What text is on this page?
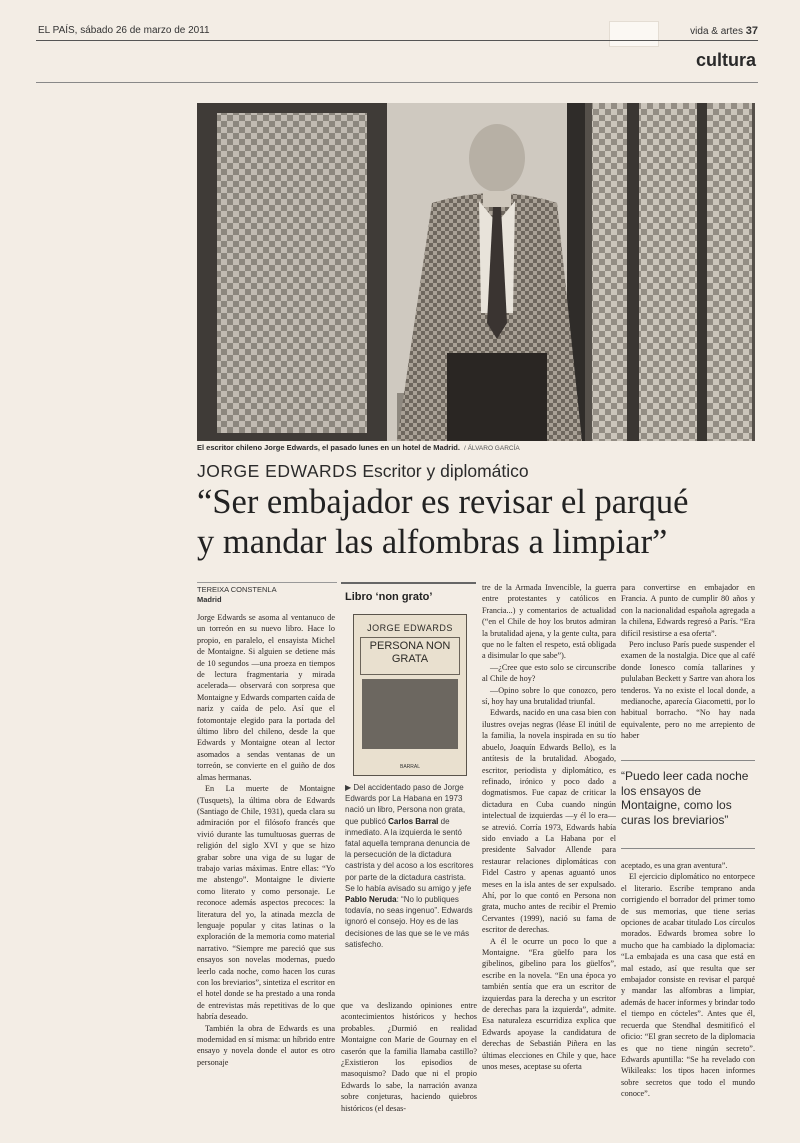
EL PAÍS, sábado 26 de marzo de 2011	vida & artes 37
cultura
El escritor chileno Jorge Edwards, el pasado lunes en un hotel de Madrid. / ÁLVARO GARCÍA
JORGE EDWARDS Escritor y diplomático
“Ser embajador es revisar el parqué
y mandar las alfombras a limpiar”
TEREIXA CONSTENLA
Madrid

Jorge Edwards se asoma al ventanuco de un torreón en su nuevo libro. Hace lo propio, en paralelo, el ensayista Michel de Montaigne. Si alguien se detiene más de 10 segundos —una proeza en tiempos de lectura fragmentaria y mirada acelerada— observará con sorpresa que Montaigne y Edwards comparten caída de nariz y caída de pelo. Así que el fotomontaje elegido para la portada del último libro del chileno, desde la que Edwards y Montaigne otean al lector asomados a sendas ventanas de un torreón, se convierte en el guiño de dos almas hermanas.

En La muerte de Montaigne (Tusquets), la última obra de Edwards (Santiago de Chile, 1931), queda clara su admiración por el filósofo francés que vivió durante las tumultuosas guerras de religión del siglo XVI y que se hizo grabar sobre una viga de su lugar de trabajo varias máximas. Entre ellas: “Yo me abstengo”. Montaigne le divierte como literato y como personaje. Le reconoce además aspectos precoces: la literatura del yo, la atinada mezcla de lenguaje popular y citas latinas o la exploración de la memoria como material narrativo. “Siempre me pareció que sus ensayos son novelas modernas, puedo leerlo cada noche, como hacen los curas con los breviarios”, sintetiza el escritor en el hotel donde se ha prestado a una ronda de entrevistas más repetitivas de lo que habría deseado.

También la obra de Edwards es una modernidad en sí misma: un híbrido entre ensayo y novela donde el autor es otro personaje

Libro ‘non grato’
JORGE EDWARDS
PERSONA NON GRATA
BARRAL
▶ Del accidentado paso de Jorge Edwards por La Habana en 1973 nació un libro, Persona non grata, que publicó Carlos Barral de inmediato. A la izquierda le sentó fatal aquella temprana denuncia de la persecución de la dictadura castrista y del acoso a los escritores por parte de la dictadura castrista. Se lo había avisado su amigo y jefe Pablo Neruda: “No lo publiques todavía, no seas ingenuo”. Edwards ignoró el consejo. Hoy es de las decisiones de las que se le ve más satisfecho.

que va deslizando opiniones entre acontecimientos históricos y hechos probables. ¿Durmió en realidad Montaigne con Marie de Gournay en el caserón que la familia llamaba castillo? ¿Existieron los episodios de masoquismo? Dado que ni el propio Edwards lo sabe, la narración avanza sobre conjeturas, haciendo quiebros históricos (el desas-

tre de la Armada Invencible, la guerra entre protestantes y católicos en Francia...) y comentarios de actualidad (“en el Chile de hoy los brutos admiran la brutalidad ajena, y la gente culta, para que no le falten el respeto, está obligada a disimular lo que sabe”).

—¿Cree que esto solo se circunscribe al Chile de hoy?

—Opino sobre lo que conozco, pero sí, hoy hay una brutalidad triunfal.

Edwards, nacido en una casa bien con ilustres ovejas negras (léase El inútil de la familia, la novela inspirada en su tío abuelo, Joaquín Edwards Bello), es la antítesis de la brutalidad. Abogado, escritor, periodista y diplomático, es refinado, irónico y poco dado a dogmatismos. Fue capaz de criticar la dictadura en Cuba cuando ningún intelectual de izquierdas —y él lo era— se atrevió. Corría 1973, Edwards había sido enviado a La Habana por el presidente Salvador Allende para restaurar relaciones diplomáticas con Fidel Castro y apenas aguantó unos meses en la isla antes de ser expulsado. Ahí, por lo que contó en Persona non grata, mucho antes de recibir el Premio Cervantes (1999), nació su fama de escritor de derechas.

A él le ocurre un poco lo que a Montaigne. “Era güelfo para los gibelinos, gibelino para los güelfos”, escribe en la novela. “En una época yo también sentía que era un escritor de izquierdas para la derecha y un escritor de derechas para la izquierda”, admite. Esa naturaleza escurridiza explica que Edwards apoyase la candidatura de derechas de Sebastián Piñera en las últimas elecciones en Chile y que, hace unos meses, aceptase su oferta

para convertirse en embajador en Francia. A punto de cumplir 80 años y con la nacionalidad española agregada a la chilena, Edwards regresó a París. “Era difícil resistirse a esa oferta”.

Pero incluso París puede suspender el examen de la nostalgia. Dice que al café donde Ionesco comía tallarines y pululaban Beckett y Sartre van ahora los tenderos. Ya no existe el local donde, a medianoche, aparecía Giacometti, por lo habitual borracho. “No hay nada equivalente, pero no me arrepiento de haber

“Puedo leer cada noche los ensayos de Montaigne, como los curas los breviarios”

aceptado, es una gran aventura”.

El ejercicio diplomático no entorpece el literario. Escribe temprano anda corrigiendo el borrador del primer tomo de sus memorias, que tiene serias opciones de acabar titulado Los círculos morados. Edwards bromea sobre lo mucho que ha cambiado la diplomacia: “La embajada es una casa que está en mal estado, así que resulta que ser embajador consiste en revisar el parqué y mandar las alfombras a limpiar, además de hacer informes y brindar todo el tiempo en cócteles”. Antes que él, recuerda que Stendhal desmitificó el oficio: “El gran secreto de la diplomacia es que no tiene ningún secreto”. Edwards apuntilla: “Se ha revelado con Wikileaks: los tipos hacen informes sobre secretos que todo el mundo conoce”.
